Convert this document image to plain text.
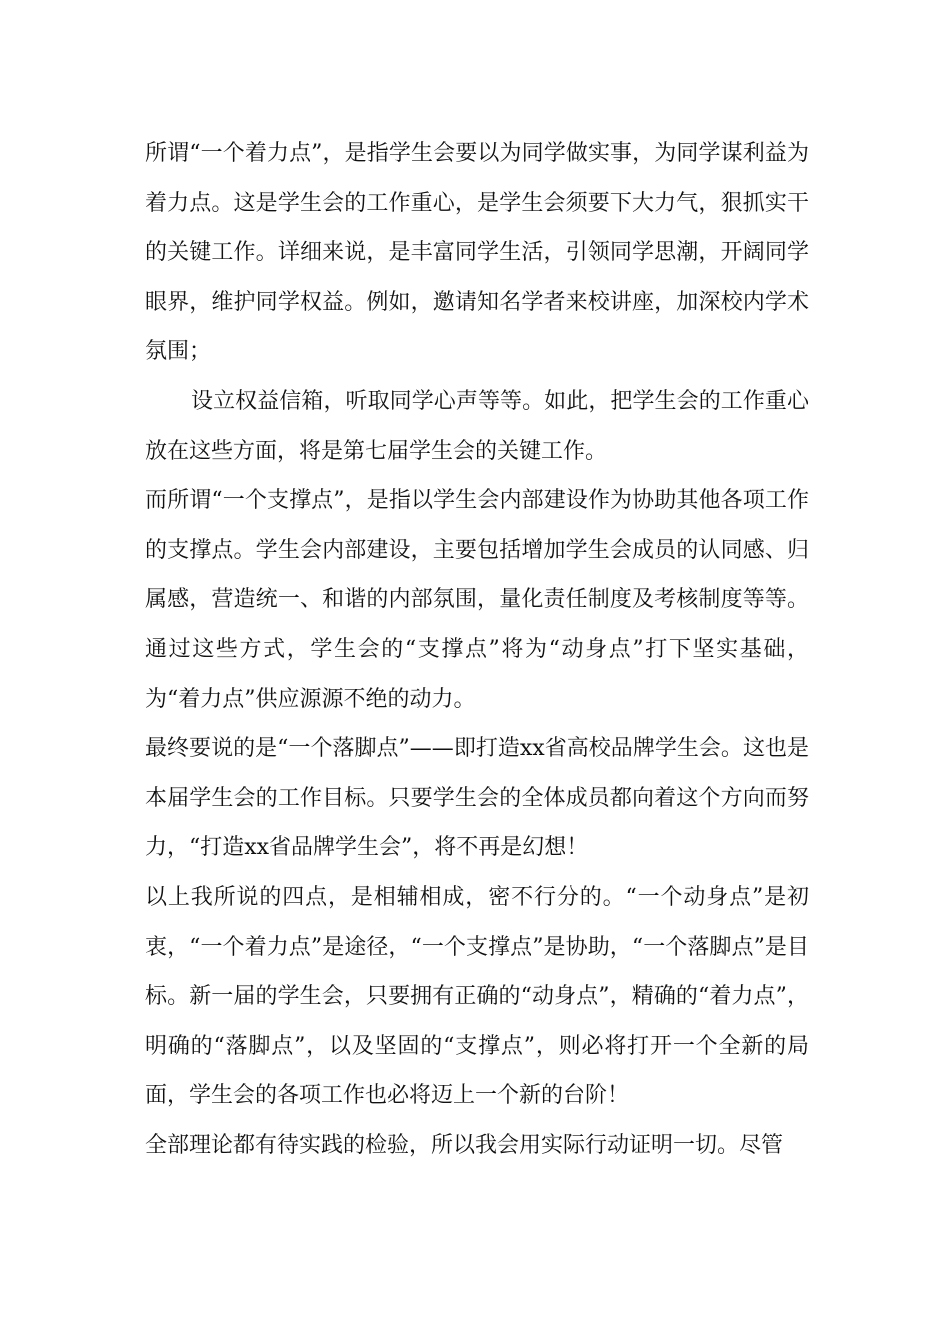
所谓“一个着力点”，是指学生会要以为同学做实事，为同学谋利益为着力点。这是学生会的工作重心，是学生会须要下大力气，狠抓实干的关键工作。详细来说，是丰富同学生活，引领同学思潮，开阔同学眼界，维护同学权益。例如，邀请知名学者来校讲座，加深校内学术氛围；

设立权益信箱，听取同学心声等等。如此，把学生会的工作重心放在这些方面，将是第七届学生会的关键工作。

而所谓“一个支撑点”，是指以学生会内部建设作为协助其他各项工作的支撑点。学生会内部建设，主要包括增加学生会成员的认同感、归属感，营造统一、和谐的内部氛围，量化责任制度及考核制度等等。通过这些方式，学生会的“支撑点”将为“动身点”打下坚实基础，为“着力点”供应源源不绝的动力。

最终要说的是“一个落脚点”——即打造xx省高校品牌学生会。这也是本届学生会的工作目标。只要学生会的全体成员都向着这个方向而努力，“打造xx省品牌学生会”，将不再是幻想！

以上我所说的四点，是相辅相成，密不行分的。“一个动身点”是初衷，“一个着力点”是途径，“一个支撑点”是协助，“一个落脚点”是目标。新一届的学生会，只要拥有正确的“动身点”，精确的“着力点”，明确的“落脚点”，以及坚固的“支撑点”，则必将打开一个全新的局面，学生会的各项工作也必将迈上一个新的台阶！

全部理论都有待实践的检验，所以我会用实际行动证明一切。尽管
